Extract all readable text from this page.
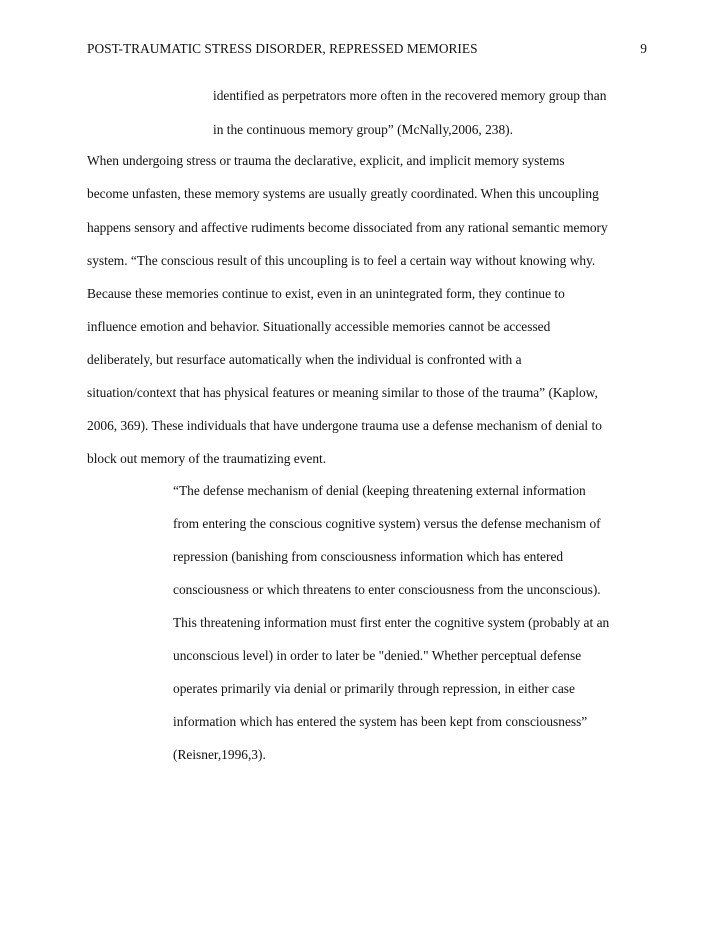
POST-TRAUMATIC STRESS DISORDER, REPRESSED MEMORIES	9
identified as perpetrators more often in the recovered memory group than
in the continuous memory group” (McNally,2006, 238).
When undergoing stress or trauma the declarative, explicit, and implicit memory systems
become unfasten, these memory systems are usually greatly coordinated. When this uncoupling
happens sensory and affective rudiments become dissociated from any rational semantic memory
system. “The conscious result of this uncoupling is to feel a certain way without knowing why.
Because these memories continue to exist, even in an unintegrated form, they continue to
influence emotion and behavior. Situationally accessible memories cannot be accessed
deliberately, but resurface automatically when the individual is confronted with a
situation/context that has physical features or meaning similar to those of the trauma” (Kaplow,
2006, 369). These individuals that have undergone trauma use a defense mechanism of denial to
block out memory of the traumatizing event.
“The defense mechanism of denial (keeping threatening external information
from entering the conscious cognitive system) versus the defense mechanism of
repression (banishing from consciousness information which has entered
consciousness or which threatens to enter consciousness from the unconscious).
This threatening information must first enter the cognitive system (probably at an
unconscious level) in order to later be "denied." Whether perceptual defense
operates primarily via denial or primarily through repression, in either case
information which has entered the system has been kept from consciousness”
(Reisner,1996,3).
